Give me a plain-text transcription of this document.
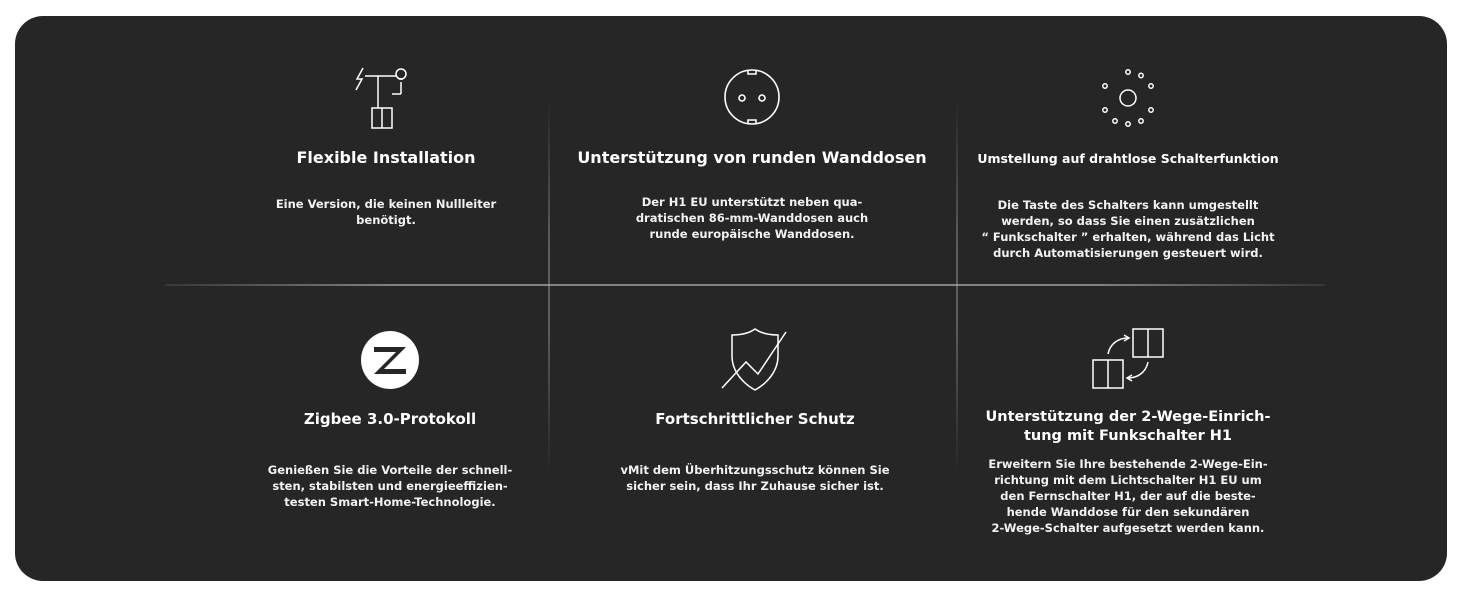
Flexible Installation
Eine Version, die keinen Nullleiter
benötigt.
Unterstützung von runden Wanddosen
Der H1 EU unterstützt neben qua-
dratischen 86-mm-Wanddosen auch
runde europäische Wanddosen.
Umstellung auf drahtlose Schalterfunktion
Die Taste des Schalters kann umgestellt
werden, so dass Sie einen zusätzlichen
“ Funkschalter ” erhalten, während das Licht
durch Automatisierungen gesteuert wird.
Zigbee 3.0-Protokoll
Genießen Sie die Vorteile der schnell-
sten, stabilsten und energieeffizien-
testen Smart-Home-Technologie.
Fortschrittlicher Schutz
vMit dem Überhitzungsschutz können Sie
sicher sein, dass Ihr Zuhause sicher ist.
Unterstützung der 2-Wege-Einrich-
tung mit Funkschalter H1
Erweitern Sie Ihre bestehende 2-Wege-Ein-
richtung mit dem Lichtschalter H1 EU um
den Fernschalter H1, der auf die beste-
hende Wanddose für den sekundären
2-Wege-Schalter aufgesetzt werden kann.
